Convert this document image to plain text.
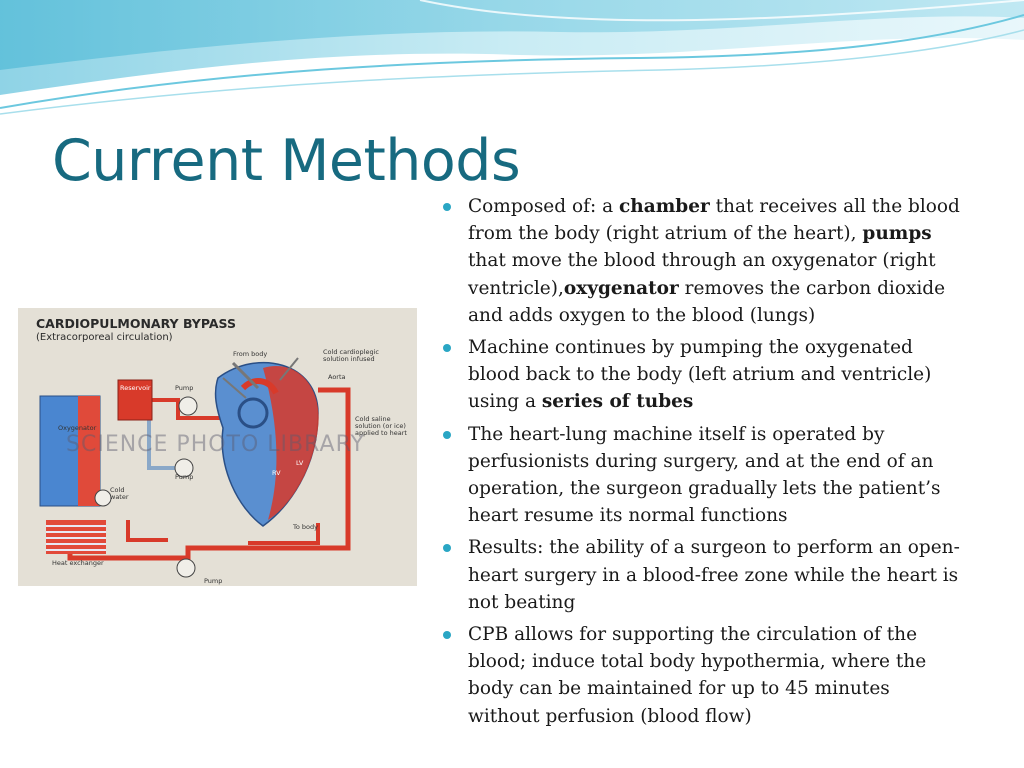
Current Methods
CARDIOPULMONARY BYPASS
(Extracorporeal circulation)
From body	Cold cardioplegic solution infused
Aorta
Reservoir	Pump
Oxygenator
Cold saline solution (or ice) applied to heart
Pump
Cold water
To body
Heat exchanger
Pump
RV
LV
SCIENCE PHOTO LIBRARY
Composed of: a chamber that receives all the blood from the body (right atrium of the heart), pumps that move the blood through an oxygenator (right ventricle),oxygenator removes the carbon dioxide and adds oxygen to the blood (lungs)
Machine continues by pumping the oxygenated blood back to the body (left atrium and ventricle) using a series of tubes
The heart-lung machine itself is operated by perfusionists during surgery, and at the end of an operation, the surgeon gradually lets the patient’s heart resume its normal functions
Results: the ability of a surgeon to perform an open-heart surgery in a blood-free zone while the heart is not beating
CPB allows for supporting the circulation of the blood; induce total body hypothermia, where the body can be maintained for up to 45 minutes without perfusion (blood flow)
